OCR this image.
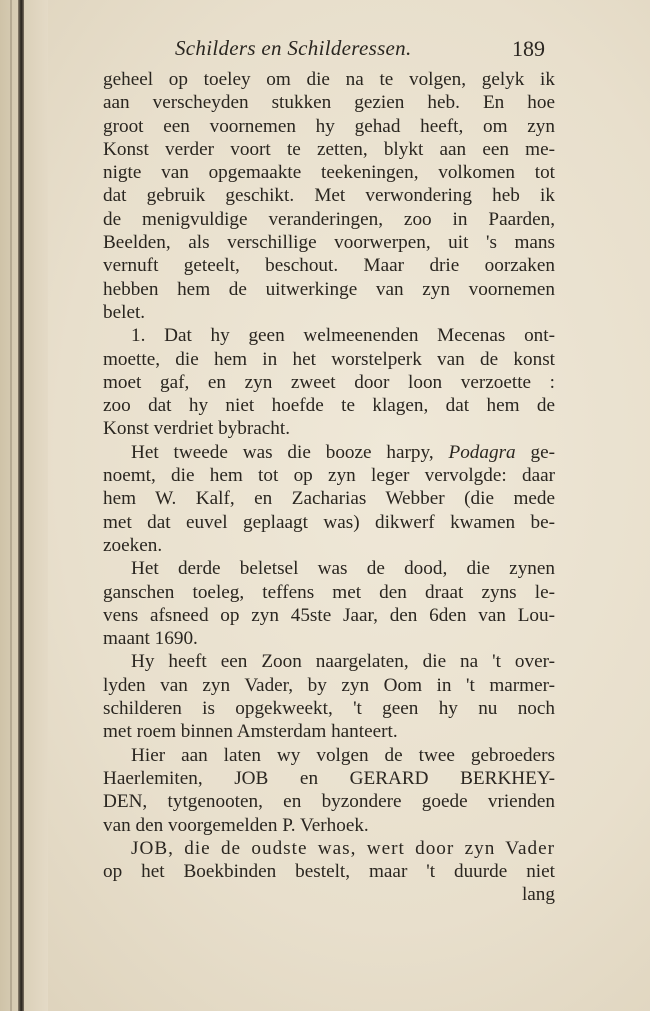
Schilders en Schilderessen.	189
geheel op toeley om die na te volgen, gelyk ik
aan verscheyden stukken gezien heb. En hoe
groot een voornemen hy gehad heeft, om zyn
Konst verder voort te zetten, blykt aan een me-
nigte van opgemaakte teekeningen, volkomen tot
dat gebruik geschikt. Met verwondering heb ik
de menigvuldige veranderingen, zoo in Paarden,
Beelden, als verschillige voorwerpen, uit 's mans
vernuft geteelt, beschout. Maar drie oorzaken
hebben hem de uitwerkinge van zyn voornemen
belet.
1. Dat hy geen welmeenenden Mecenas ont-
moette, die hem in het worstelperk van de konst
moet gaf, en zyn zweet door loon verzoette :
zoo dat hy niet hoefde te klagen, dat hem de
Konst verdriet bybracht.
Het tweede was die booze harpy, Podagra ge-
noemt, die hem tot op zyn leger vervolgde: daar
hem W. Kalf, en Zacharias Webber (die mede
met dat euvel geplaagt was) dikwerf kwamen be-
zoeken.
Het derde beletsel was de dood, die zynen
ganschen toeleg, teffens met den draat zyns le-
vens afsneed op zyn 45ste Jaar, den 6den van Lou-
maant 1690.
Hy heeft een Zoon naargelaten, die na 't over-
lyden van zyn Vader, by zyn Oom in 't marmer-
schilderen is opgekweekt, 't geen hy nu noch
met roem binnen Amsterdam hanteert.
Hier aan laten wy volgen de twee gebroeders
Haerlemiten, JOB en GERARD BERKHEY-
DEN, tytgenooten, en byzondere goede vrienden
van den voorgemelden P. Verhoek.
JOB, die de oudste was, wert door zyn Vader
op het Boekbinden bestelt, maar 't duurde niet
lang
